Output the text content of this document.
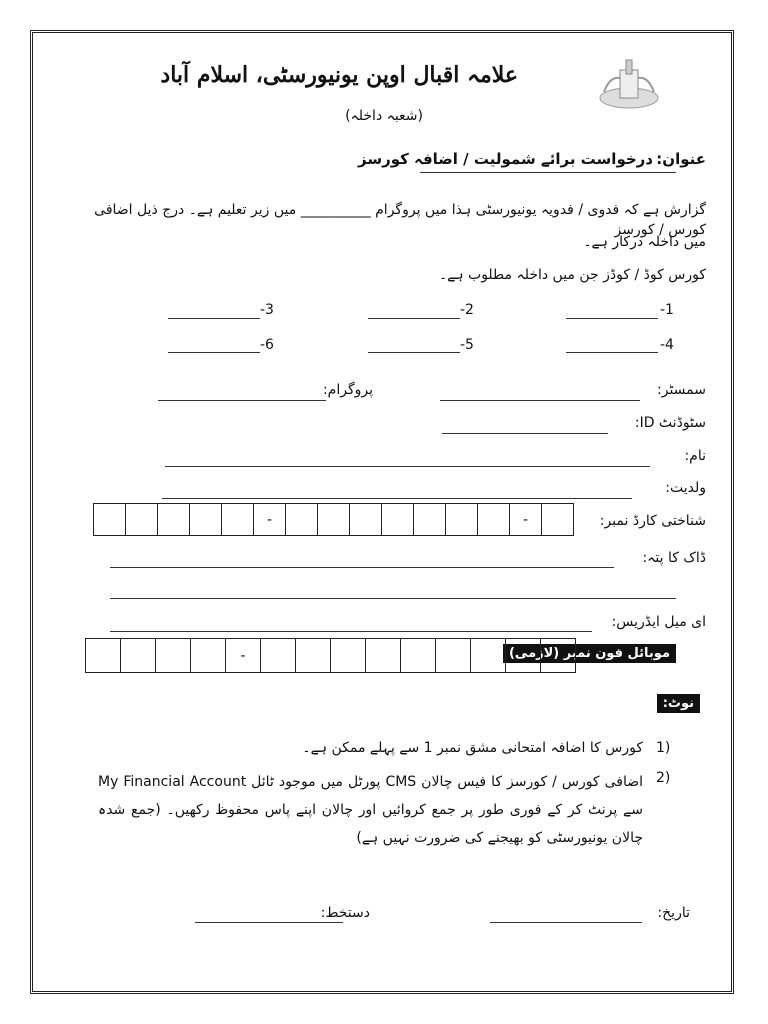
علامہ اقبال اوپن یونیورسٹی، اسلام آباد
(شعبہ داخلہ)
عنوان:
درخواست برائے شمولیت / اضافہ کورسز
گزارش ہے کہ فدوی / فدویہ یونیورسٹی ہذا میں پروگرام __________ میں زیر تعلیم ہے۔ درج ذیل اضافی کورس / کورسز
میں داخلہ درکار ہے۔
کورس کوڈ / کوڈز جن میں داخلہ مطلوب ہے۔
-1
-2
-3
-4
-5
-6
سمسٹر:
پروگرام:
سٹوڈنٹ ID:
نام:
ولدیت:
شناختی کارڈ نمبر:
-	-
ڈاک کا پتہ:
ای میل ایڈریس:
موبائل فون نمبر (لازمی)
-
نوٹ:
1)
کورس کا اضافہ امتحانی مشق نمبر 1 سے پہلے ممکن ہے۔
2)
اضافی کورس / کورسز کا فیس چالان CMS پورٹل میں موجود ٹائل My Financial Account سے پرنٹ کر کے فوری طور پر جمع کروائیں اور چالان اپنے پاس محفوظ رکھیں۔ (جمع شدہ چالان یونیورسٹی کو بھیجنے کی ضرورت نہیں ہے)
تاریخ:
دستخط:
